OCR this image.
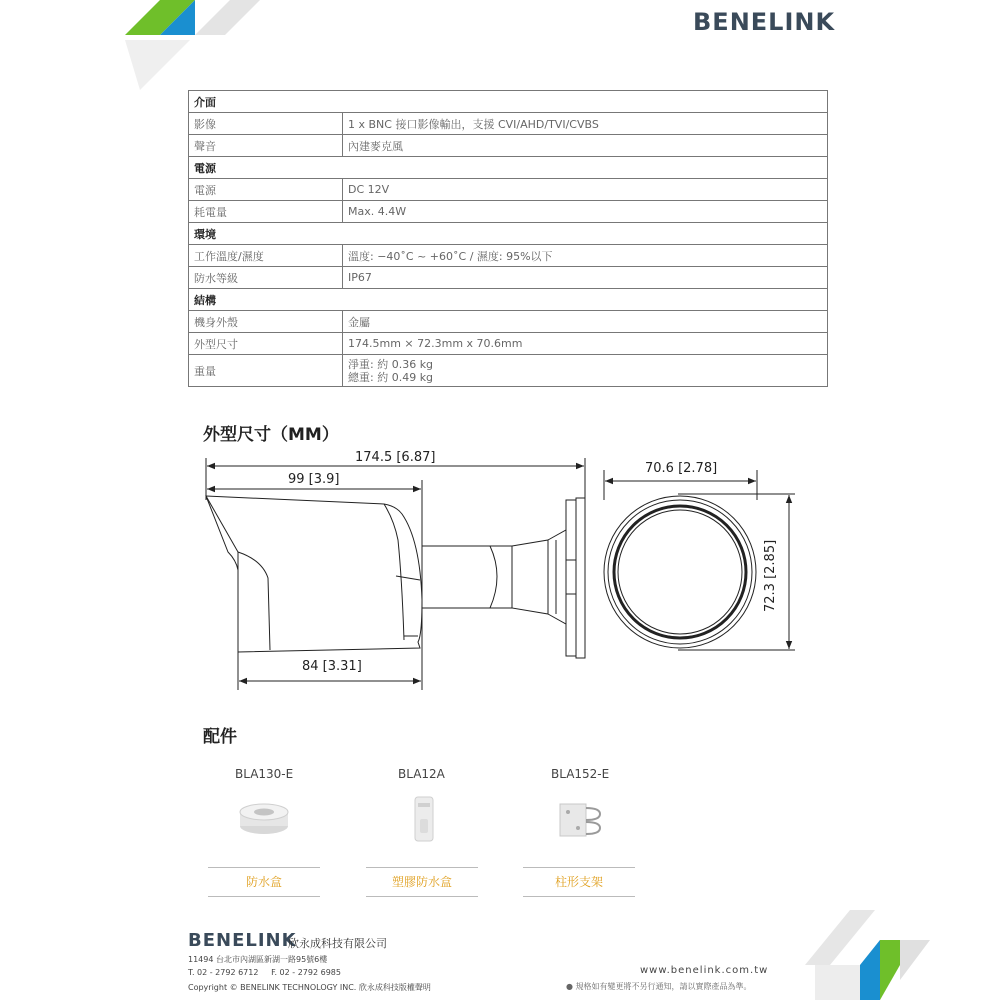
BENELINK
介面	
影像	1 x BNC 接口影像輸出，支援 CVI/AHD/TVI/CVBS
聲音	內建麥克風
電源	
電源	DC 12V
耗電量	Max. 4.4W
環境	
工作溫度/濕度	溫度: −40˚C ~ +60˚C / 濕度: 95%以下
防水等級	IP67
結構	
機身外殼	金屬
外型尺寸	174.5mm × 72.3mm x 70.6mm
重量	淨重: 約 0.36 kg
總重: 約 0.49 kg
外型尺寸（MM）
174.5 [6.87]
99 [3.9]
84 [3.31]
70.6 [2.78]
72.3 [2.85]
配件
BLA130-E	BLA12A	BLA152-E
防水盒	塑膠防水盒	柱形支架
BENELINK
欣永成科技有限公司
11494 台北市內湖區新湖一路95號6樓
T. 02 - 2792 6712     F. 02 - 2792 6985
Copyright © BENELINK TECHNOLOGY INC. 欣永成科技版權聲明
www.benelink.com.tw
● 規格如有變更將不另行通知，請以實際產品為準。
